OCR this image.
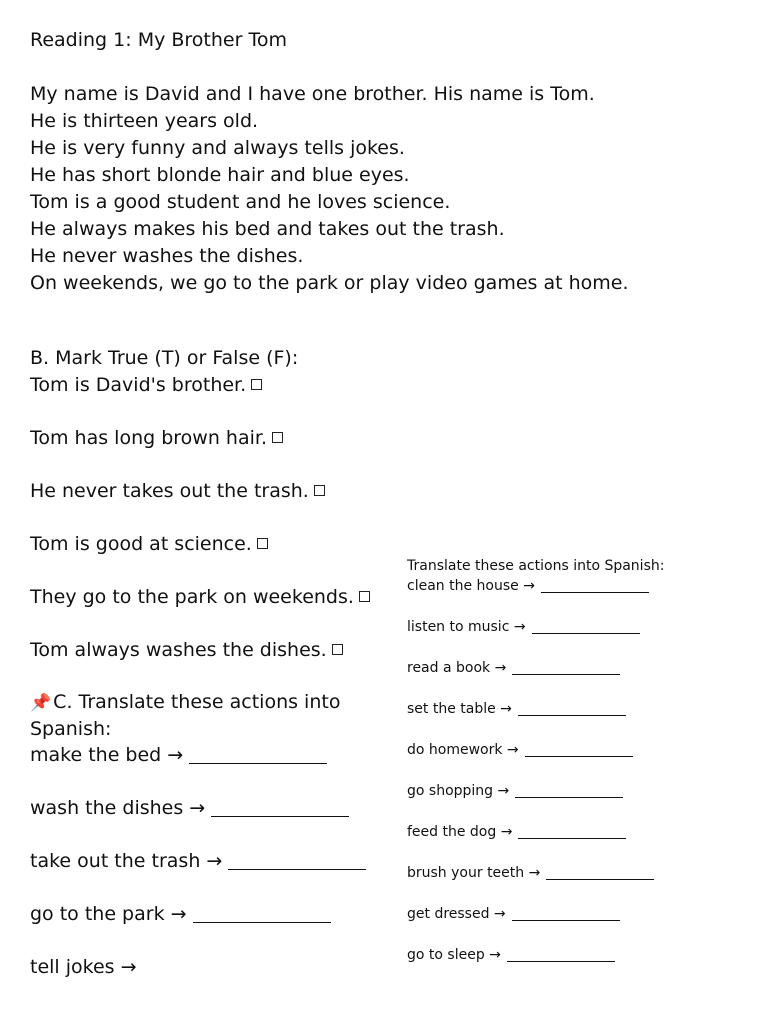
Reading 1: My Brother Tom
My name is David and I have one brother. His name is Tom.
He is thirteen years old.
He is very funny and always tells jokes.
He has short blonde hair and blue eyes.
Tom is a good student and he loves science.
He always makes his bed and takes out the trash.
He never washes the dishes.
On weekends, we go to the park or play video games at home.
B. Mark True (T) or False (F):
Tom is David's brother.
Tom has long brown hair.
He never takes out the trash.
Tom is good at science.
They go to the park on weekends.
Tom always washes the dishes.
📌 C. Translate these actions into Spanish:
make the bed →
wash the dishes →
take out the trash →
go to the park →
tell jokes →
Translate these actions into Spanish:
clean the house →
listen to music →
read a book →
set the table →
do homework →
go shopping →
feed the dog →
brush your teeth →
get dressed →
go to sleep →
